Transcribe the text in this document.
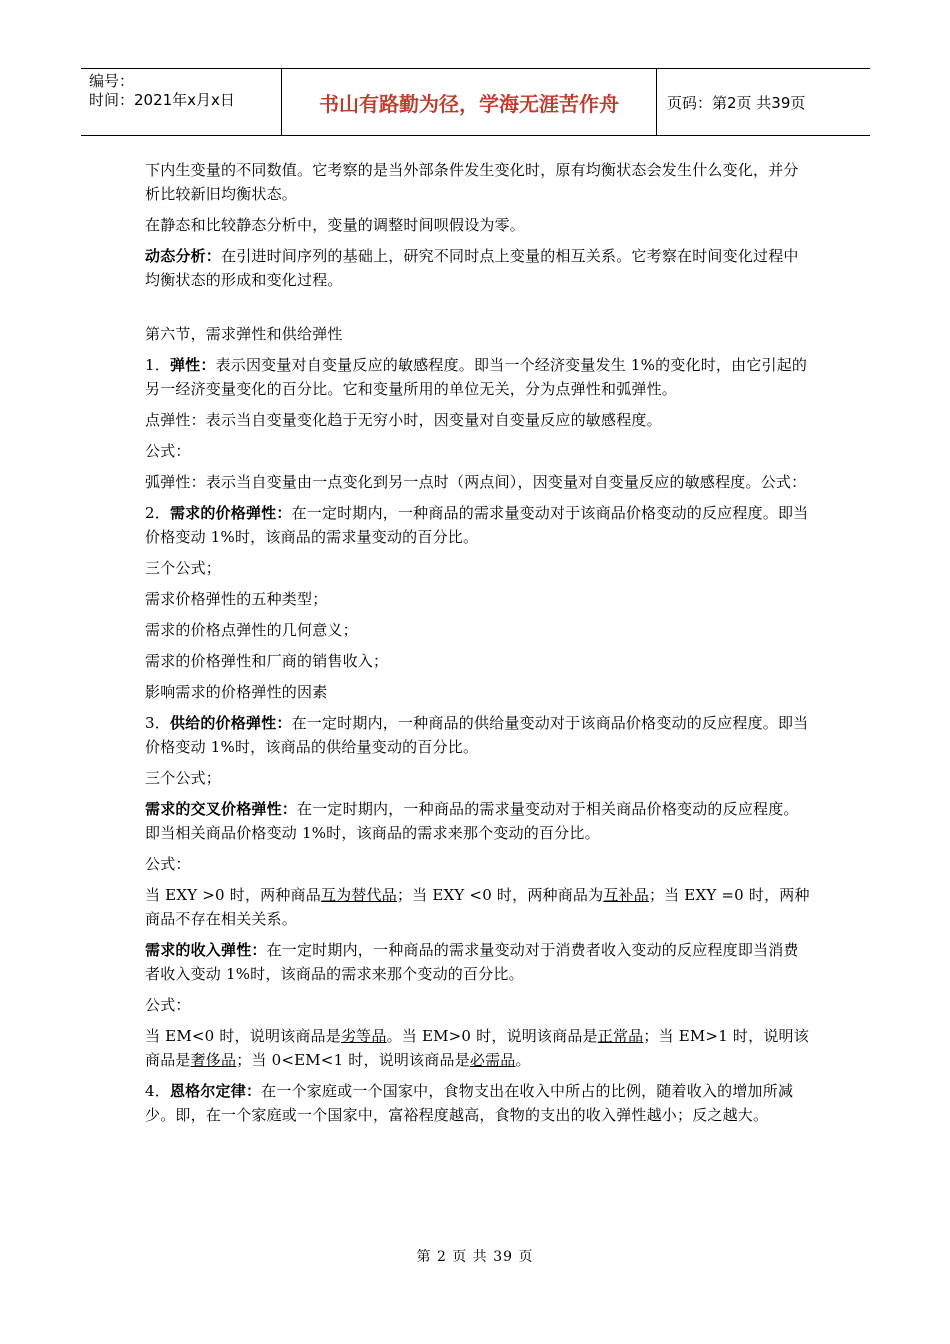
编号：
时间：2021年x月x日	书山有路勤为径，学海无涯苦作舟	页码：第2页 共39页

下内生变量的不同数值。它考察的是当外部条件发生变化时，原有均衡状态会发生什么变化，并分析比较新旧均衡状态。

在静态和比较静态分析中，变量的调整时间呗假设为零。

动态分析：在引进时间序列的基础上，研究不同时点上变量的相互关系。它考察在时间变化过程中均衡状态的形成和变化过程。

第六节，需求弹性和供给弹性

1．弹性：表示因变量对自变量反应的敏感程度。即当一个经济变量发生 1%的变化时，由它引起的另一经济变量变化的百分比。它和变量所用的单位无关，分为点弹性和弧弹性。

点弹性：表示当自变量变化趋于无穷小时，因变量对自变量反应的敏感程度。

公式：

弧弹性：表示当自变量由一点变化到另一点时（两点间），因变量对自变量反应的敏感程度。公式：

2．需求的价格弹性：在一定时期内，一种商品的需求量变动对于该商品价格变动的反应程度。即当价格变动 1%时，该商品的需求量变动的百分比。

三个公式；

需求价格弹性的五种类型；

需求的价格点弹性的几何意义；

需求的价格弹性和厂商的销售收入；

影响需求的价格弹性的因素

3．供给的价格弹性：在一定时期内，一种商品的供给量变动对于该商品价格变动的反应程度。即当价格变动 1%时，该商品的供给量变动的百分比。

三个公式；

需求的交叉价格弹性：在一定时期内，一种商品的需求量变动对于相关商品价格变动的反应程度。即当相关商品价格变动 1%时，该商品的需求来那个变动的百分比。

公式：

当 EXY >0 时，两种商品互为替代品；当 EXY <0 时，两种商品为互补品；当 EXY =0 时，两种商品不存在相关关系。

需求的收入弹性：在一定时期内，一种商品的需求量变动对于消费者收入变动的反应程度即当消费者收入变动 1%时，该商品的需求来那个变动的百分比。

公式：

当 EM<0 时，说明该商品是劣等品。当 EM>0 时，说明该商品是正常品；当 EM>1 时，说明该商品是奢侈品；当 0<EM<1 时，说明该商品是必需品。

4．恩格尔定律：在一个家庭或一个国家中，食物支出在收入中所占的比例，随着收入的增加所减少。即，在一个家庭或一个国家中，富裕程度越高，食物的支出的收入弹性越小；反之越大。

第 2 页 共 39 页
